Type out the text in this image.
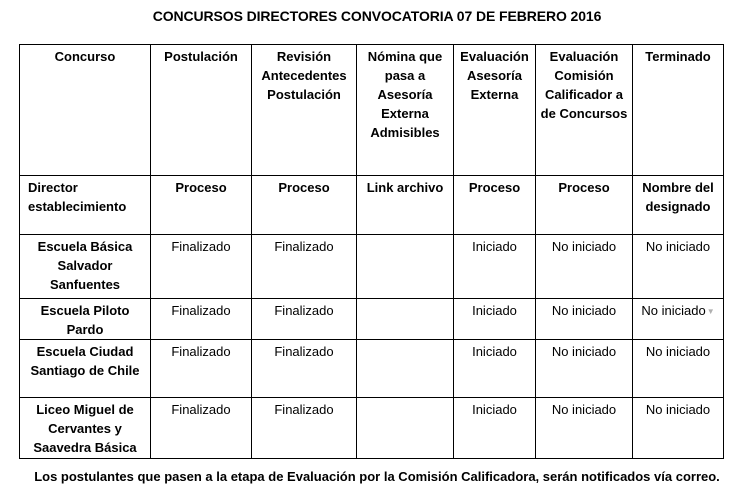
CONCURSOS DIRECTORES CONVOCATORIA 07 DE FEBRERO 2016
Concurso	Postulación	Revisión Antecedentes Postulación	Nómina que pasa a Asesoría Externa Admisibles	Evaluación Asesoría Externa	Evaluación Comisión Calificador a de Concursos	Terminado
Director establecimiento	Proceso	Proceso	Link archivo	Proceso	Proceso	Nombre del designado
Escuela Básica Salvador Sanfuentes	Finalizado	Finalizado		Iniciado	No iniciado	No iniciado
Escuela Piloto Pardo	Finalizado	Finalizado		Iniciado	No iniciado	No iniciado▼
Escuela Ciudad Santiago de Chile	Finalizado	Finalizado		Iniciado	No iniciado	No iniciado
Liceo Miguel de Cervantes y Saavedra Básica	Finalizado	Finalizado		Iniciado	No iniciado	No iniciado
Los postulantes que pasen a la etapa de Evaluación por la Comisión Calificadora, serán notificados vía correo.
